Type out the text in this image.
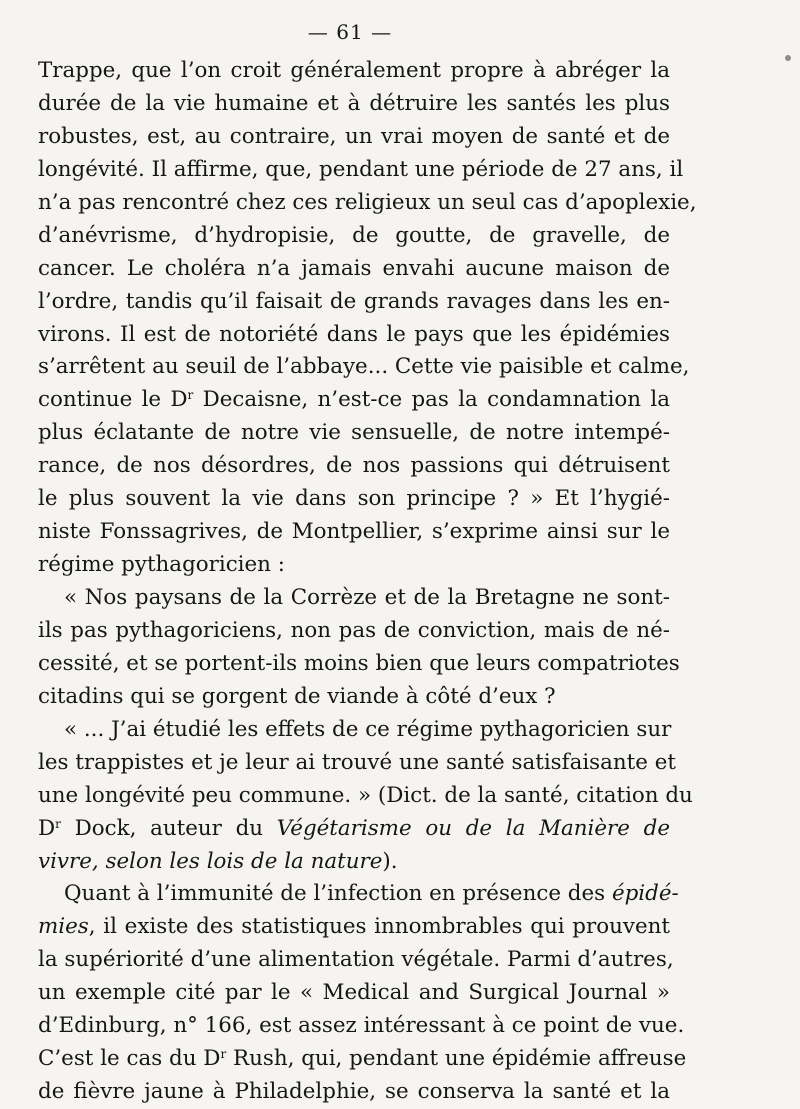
— 61 —
Trappe, que l’on croit généralement propre à abréger la
durée de la vie humaine et à détruire les santés les plus
robustes, est, au contraire, un vrai moyen de santé et de
longévité. Il affirme, que, pendant une période de 27 ans, il
n’a pas rencontré chez ces religieux un seul cas d’apoplexie,
d’anévrisme, d’hydropisie, de goutte, de gravelle, de
cancer. Le choléra n’a jamais envahi aucune maison de
l’ordre, tandis qu’il faisait de grands ravages dans les en-
virons. Il est de notoriété dans le pays que les épidémies
s’arrêtent au seuil de l’abbaye... Cette vie paisible et calme,
continue le $D^r$ Decaisne, n’est-ce pas la condamnation la
plus éclatante de notre vie sensuelle, de notre intempé-
rance, de nos désordres, de nos passions qui détruisent
le plus souvent la vie dans son principe ? » Et l’hygié-
niste Fonssagrives, de Montpellier, s’exprime ainsi sur le
régime pythagoricien :
« Nos paysans de la Corrèze et de la Bretagne ne sont-
ils pas pythagoriciens, non pas de conviction, mais de né-
cessité, et se portent-ils moins bien que leurs compatriotes
citadins qui se gorgent de viande à côté d’eux ?
« ... J’ai étudié les effets de ce régime pythagoricien sur
les trappistes et je leur ai trouvé une santé satisfaisante et
une longévité peu commune. » (Dict. de la santé, citation du
$D^r$ Dock, auteur du Végétarisme ou de la Manière de
vivre, selon les lois de la nature).
Quant à l’immunité de l’infection en présence des épidé-
mies, il existe des statistiques innombrables qui prouvent
la supériorité d’une alimentation végétale. Parmi d’autres,
un exemple cité par le « Medical and Surgical Journal »
d’Edinburg, n° 166, est assez intéressant à ce point de vue.
C’est le cas du $D^r$ Rush, qui, pendant une épidémie affreuse
de fièvre jaune à Philadelphie, se conserva la santé et la
